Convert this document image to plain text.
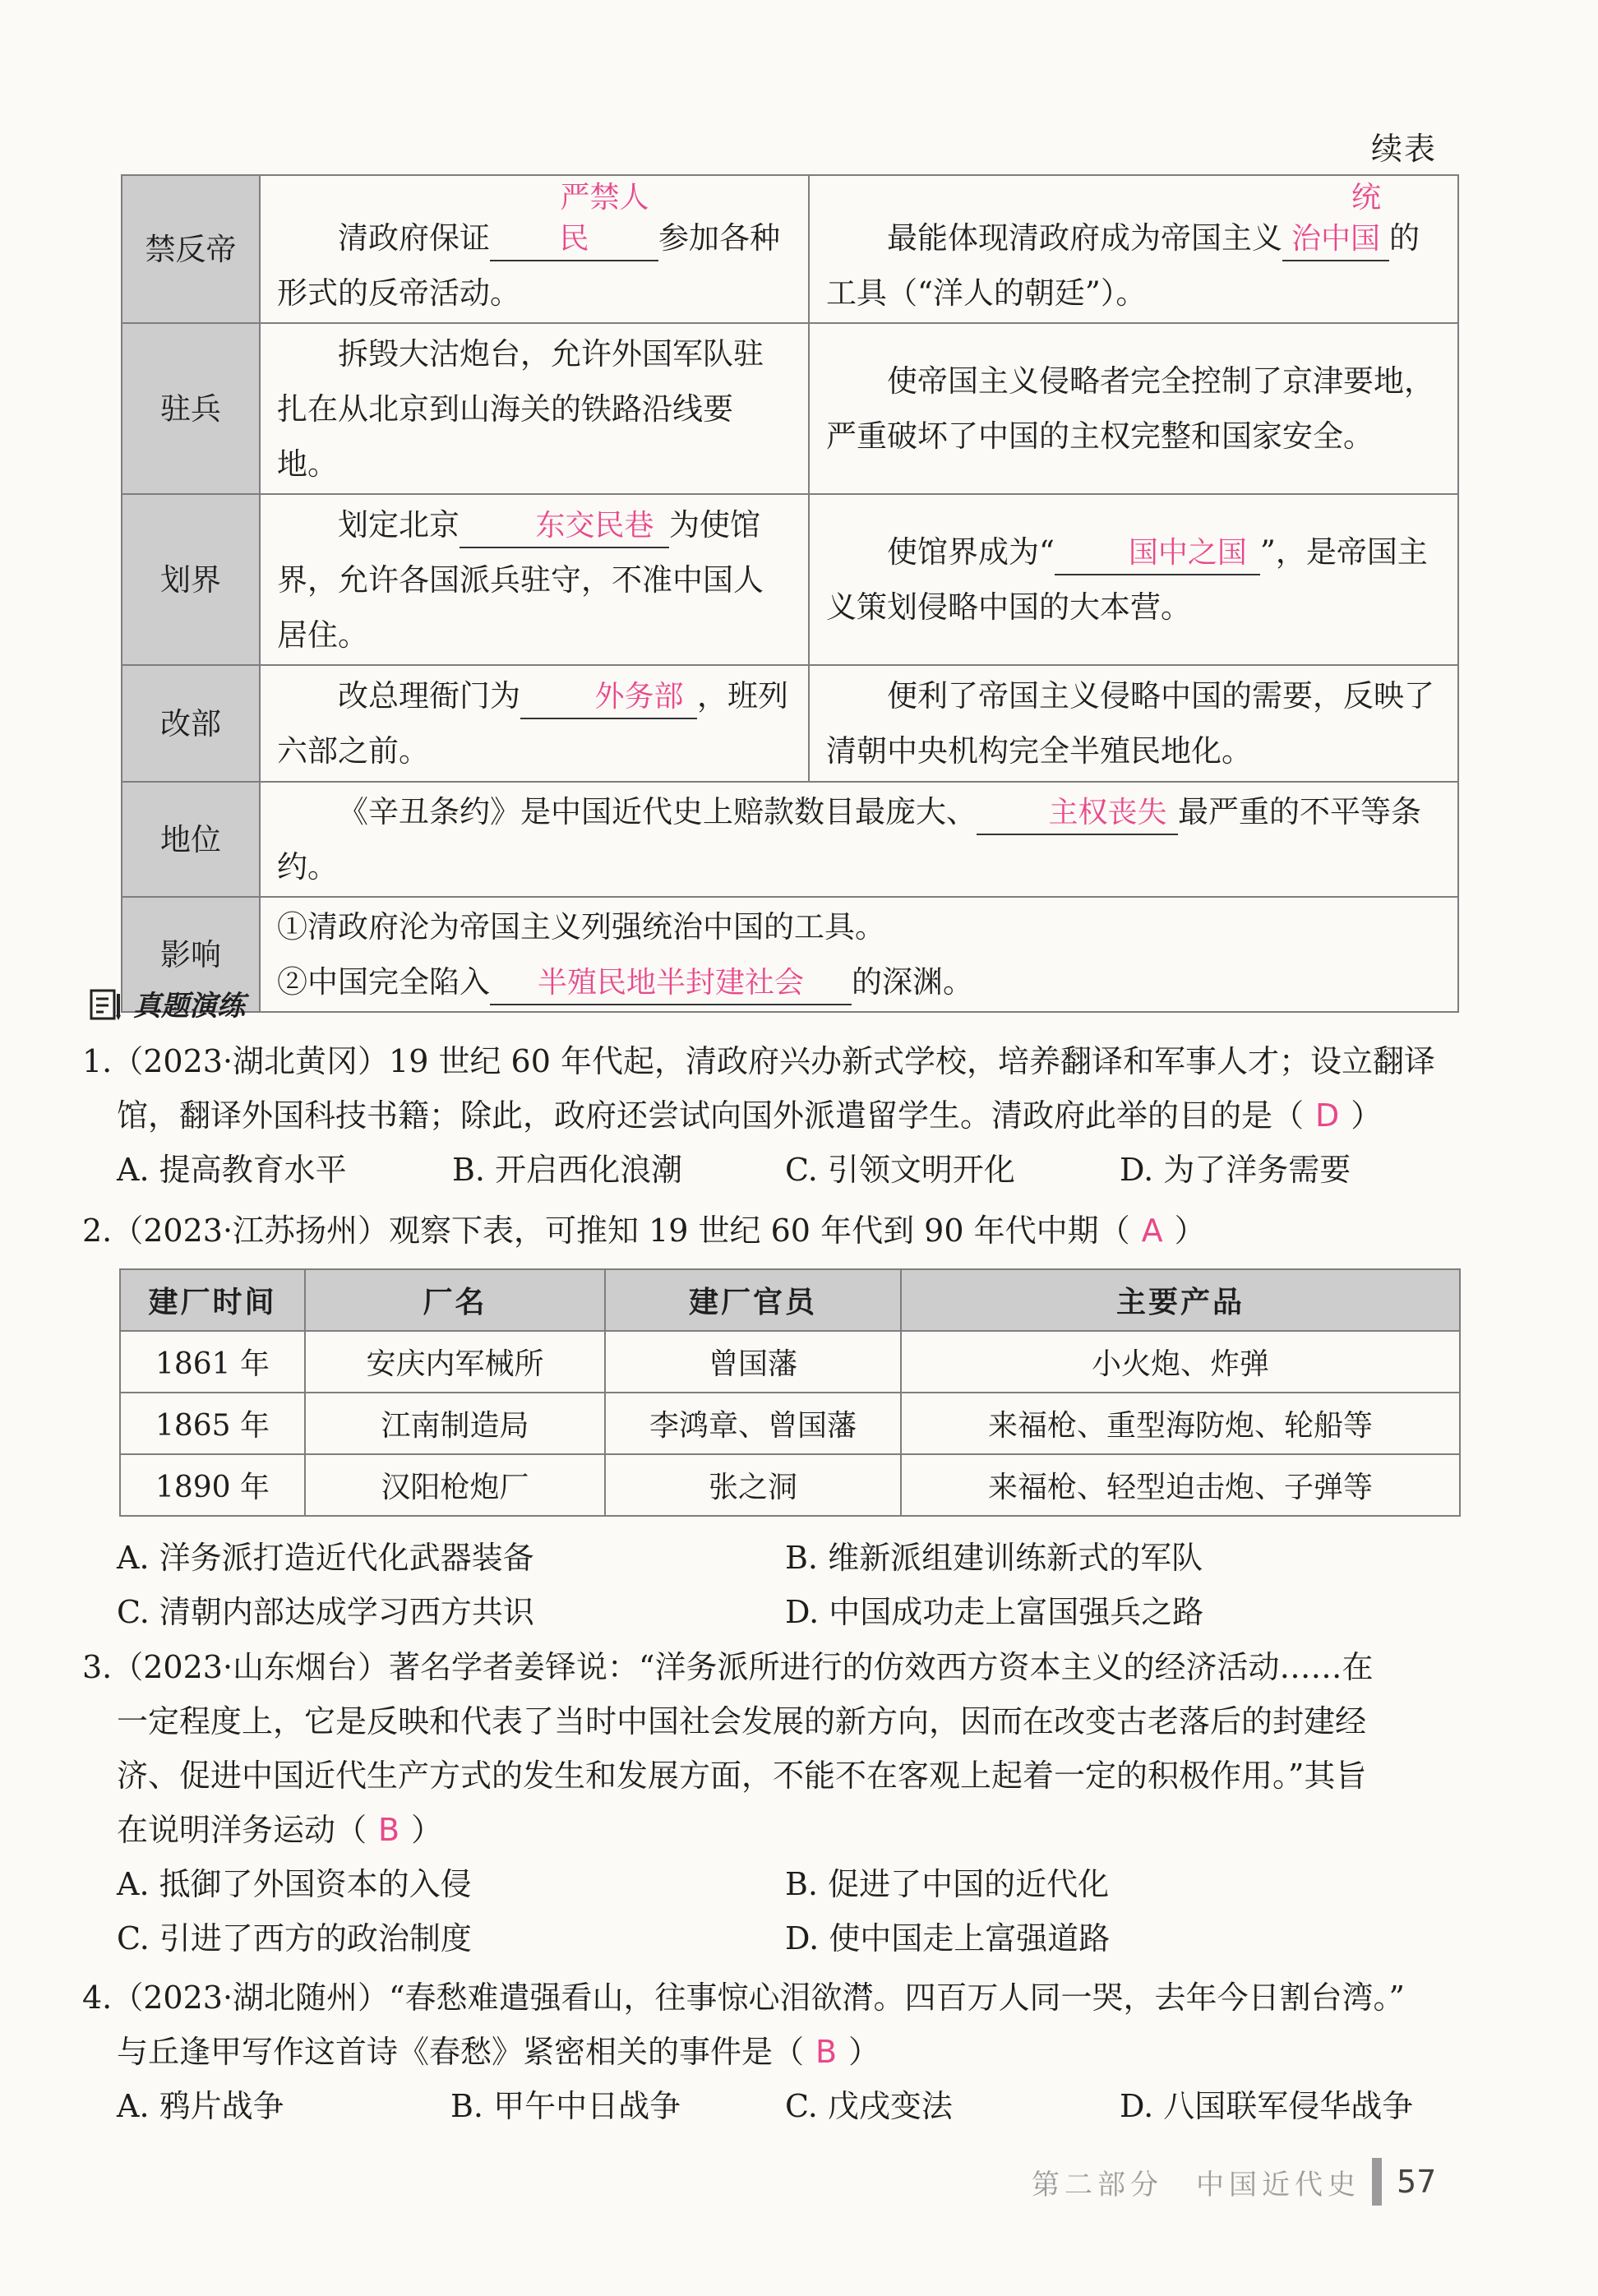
续表
禁反帝	清政府保证严禁人民 参加各种形式的反帝活动。	最能体现清政府成为帝国主义统治中国 的工具（“洋人的朝廷”）。
驻兵	拆毁大沽炮台，允许外国军队驻扎在从北京到山海关的铁路沿线要地。	使帝国主义侵略者完全控制了京津要地，严重破坏了中国的主权完整和国家安全。
划界	划定北京 东交民巷 为使馆界，允许各国派兵驻守，不准中国人居住。	使馆界成为“ 国中之国 ”，是帝国主义策划侵略中国的大本营。
改部	改总理衙门为 外务部 ，班列六部之前。	便利了帝国主义侵略中国的需要，反映了清朝中央机构完全半殖民地化。
地位	《辛丑条约》是中国近代史上赔款数目最庞大、 主权丧失 最严重的不平等条约。	
影响	①清政府沦为帝国主义列强统治中国的工具。
②中国完全陷入 半殖民地半封建社会 的深渊。	
真题演练

1.（2023·湖北黄冈）19 世纪 60 年代起，清政府兴办新式学校，培养翻译和军事人才；设立翻译

馆，翻译外国科技书籍；除此，政府还尝试向国外派遣留学生。清政府此举的目的是（ D ）

A. 提高教育水平	B. 开启西化浪潮	C. 引领文明开化	D. 为了洋务需要

2.（2023·江苏扬州）观察下表，可推知 19 世纪 60 年代到 90 年代中期（ A ）

建厂时间	厂名	建厂官员	主要产品
1861 年	安庆内军械所	曾国藩	小火炮、炸弹
1865 年	江南制造局	李鸿章、曾国藩	来福枪、重型海防炮、轮船等
1890 年	汉阳枪炮厂	张之洞	来福枪、轻型迫击炮、子弹等
A. 洋务派打造近代化武器装备	B. 维新派组建训练新式的军队
C. 清朝内部达成学习西方共识	D. 中国成功走上富国强兵之路

3.（2023·山东烟台）著名学者姜铎说：“洋务派所进行的仿效西方资本主义的经济活动……在

一定程度上，它是反映和代表了当时中国社会发展的新方向，因而在改变古老落后的封建经

济、促进中国近代生产方式的发生和发展方面，不能不在客观上起着一定的积极作用。”其旨

在说明洋务运动（ B ）

A. 抵御了外国资本的入侵	B. 促进了中国的近代化
C. 引进了西方的政治制度	D. 使中国走上富强道路

4.（2023·湖北随州）“春愁难遣强看山，往事惊心泪欲潸。四百万人同一哭，去年今日割台湾。”

与丘逢甲写作这首诗《春愁》紧密相关的事件是（ B ）

A. 鸦片战争	B. 甲午中日战争	C. 戊戌变法	D. 八国联军侵华战争
第二部分　中国近代史 57
